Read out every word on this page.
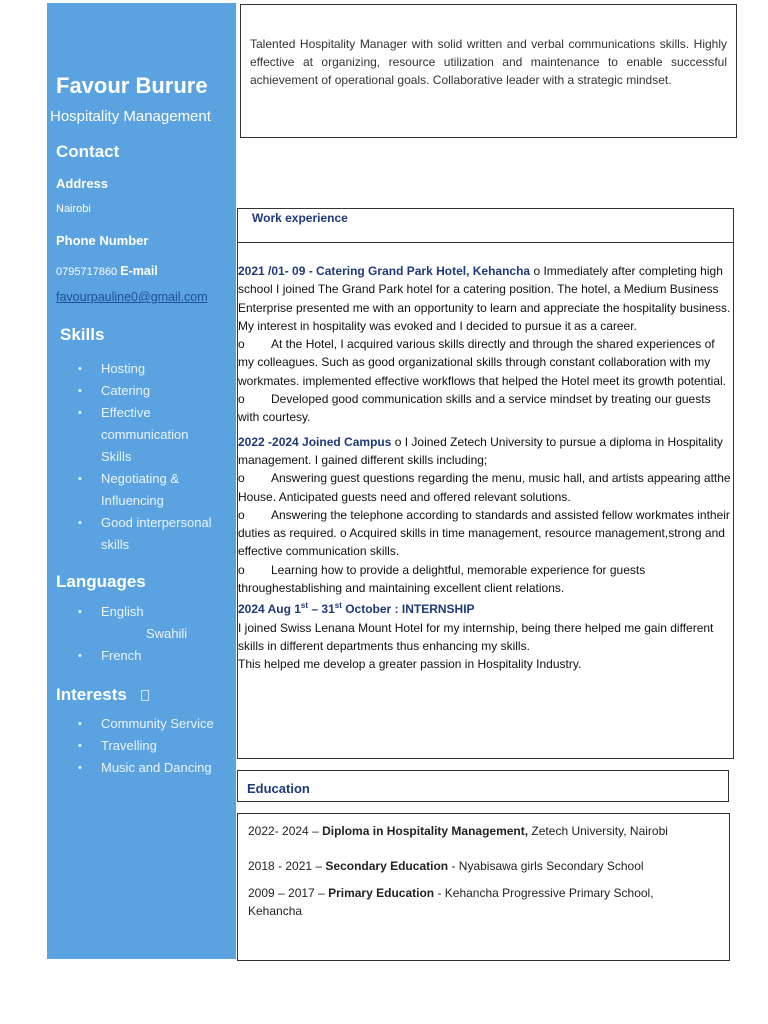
Favour Burure
Hospitality Management
Contact
Address
Nairobi
Phone Number
0795717860 E-mail
favourpauline0@gmail.com
Skills
• Hosting
• Catering
• Effective communication Skills
• Negotiating & Influencing
• Good interpersonal skills
Languages
• English
Swahili
• French
Interests
• Community Service
• Travelling
• Music and Dancing

Talented Hospitality Manager with solid written and verbal communications skills. Highly effective at organizing, resource utilization and maintenance to enable successful achievement of operational goals. Collaborative leader with a strategic mindset.

Work experience

2021 /01- 09 - Catering Grand Park Hotel, Kehancha o Immediately after completing high school I joined The Grand Park hotel for a catering position. The hotel, a Medium Business Enterprise presented me with an opportunity to learn and appreciate the hospitality business. My interest in hospitality was evoked and I decided to pursue it as a career.

o At the Hotel, I acquired various skills directly and through the shared experiences of my colleagues. Such as good organizational skills through constant collaboration with my workmates. implemented effective workflows that helped the Hotel meet its growth potential.

o Developed good communication skills and a service mindset by treating our guests with courtesy.

2022 -2024 Joined Campus o I Joined Zetech University to pursue a diploma in Hospitality management. I gained different skills including;

o Answering guest questions regarding the menu, music hall, and artists appearing atthe House. Anticipated guests need and offered relevant solutions.

o Answering the telephone according to standards and assisted fellow workmates intheir duties as required. o Acquired skills in time management, resource management,strong and effective communication skills.

o Learning how to provide a delightful, memorable experience for guests throughestablishing and maintaining excellent client relations.

2024 Aug 1st – 31st October : INTERNSHIP

I joined Swiss Lenana Mount Hotel for my internship, being there helped me gain different skills in different departments thus enhancing my skills.

This helped me develop a greater passion in Hospitality Industry.

Education
2022- 2024 – Diploma in Hospitality Management, Zetech University, Nairobi
2018 - 2021 – Secondary Education - Nyabisawa girls Secondary School
2009 – 2017 – Primary Education - Kehancha Progressive Primary School, Kehancha
